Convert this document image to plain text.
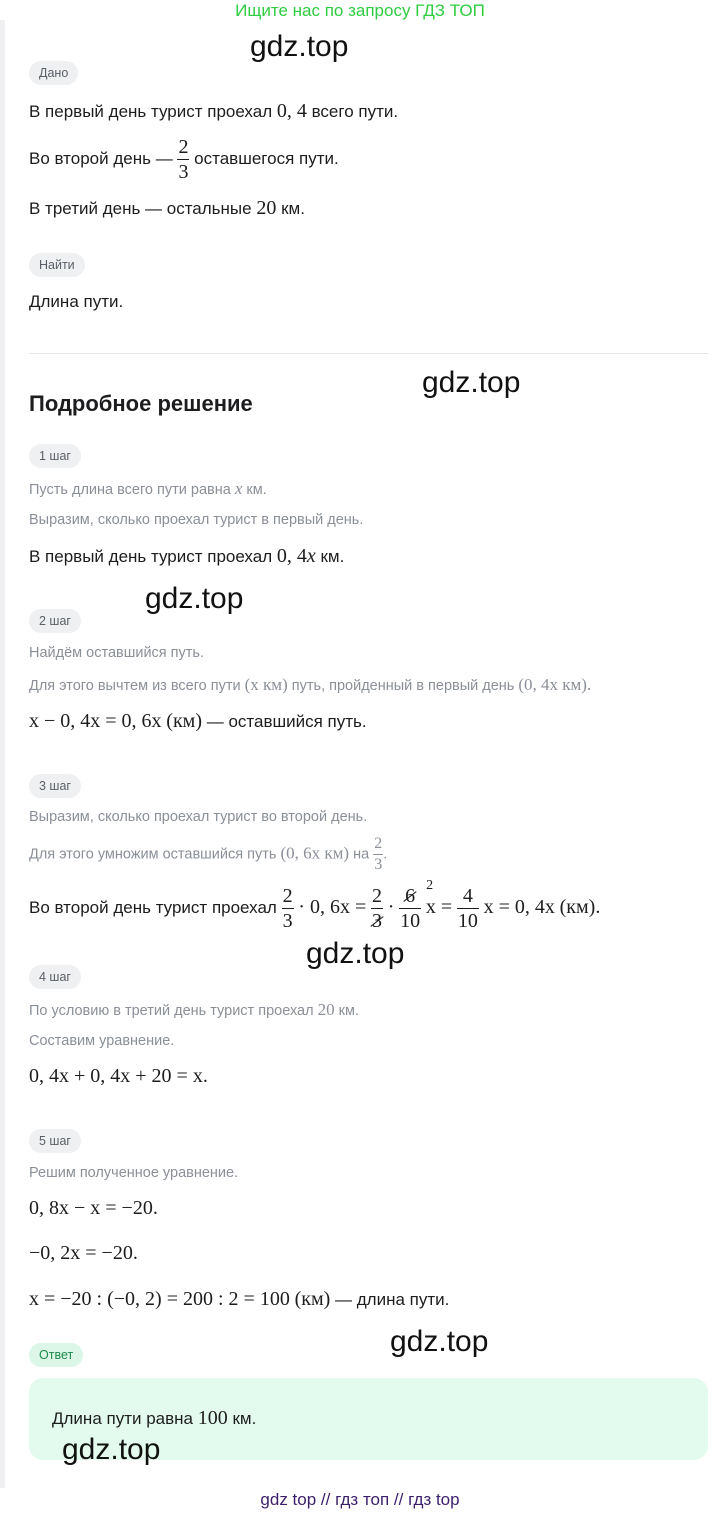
Ищите нас по запросу ГДЗ ТОП
gdz.top
gdz.top
gdz.top
gdz.top
gdz.top
gdz.top
Дано
В первый день турист проехал 0, 4 всего пути.
Во второй день — $\frac{2}{3}$ оставшегося пути.
В третий день — остальные 20 км.
Найти
Длина пути.
Подробное решение
1 шаг
Пусть длина всего пути равна x км.
Выразим, сколько проехал турист в первый день.
В первый день турист проехал 0, 4x км.
2 шаг
Найдём оставшийся путь.
Для этого вычтем из всего пути (x км) путь, пройденный в первый день (0, 4x км).
x − 0, 4x = 0, 6x (км) — оставшийся путь.
3 шаг
Выразим, сколько проехал турист во второй день.
Для этого умножим оставшийся путь (0, 6x км) на $\frac{2}{3}$ .
Во второй день турист проехал $\frac{2}{3} \cdot 0$, $6x = \frac{2}{3} \cdot \frac{6 2}{10}$ $x = \frac{4}{10}$ x = 0, 4x (км).
4 шаг
По условию в третий день турист проехал 20 км.
Составим уравнение.
0, 4x + 0, 4x + 20 = x.
5 шаг
Решим полученное уравнение.
0, 8x − x = −20.
−0, 2x = −20.
x = −20 : (−0, 2) = 200 : 2 = 100 (км) — длина пути.
Ответ
Длина пути равна 100 км.
gdz top // гдз топ // гдз top
